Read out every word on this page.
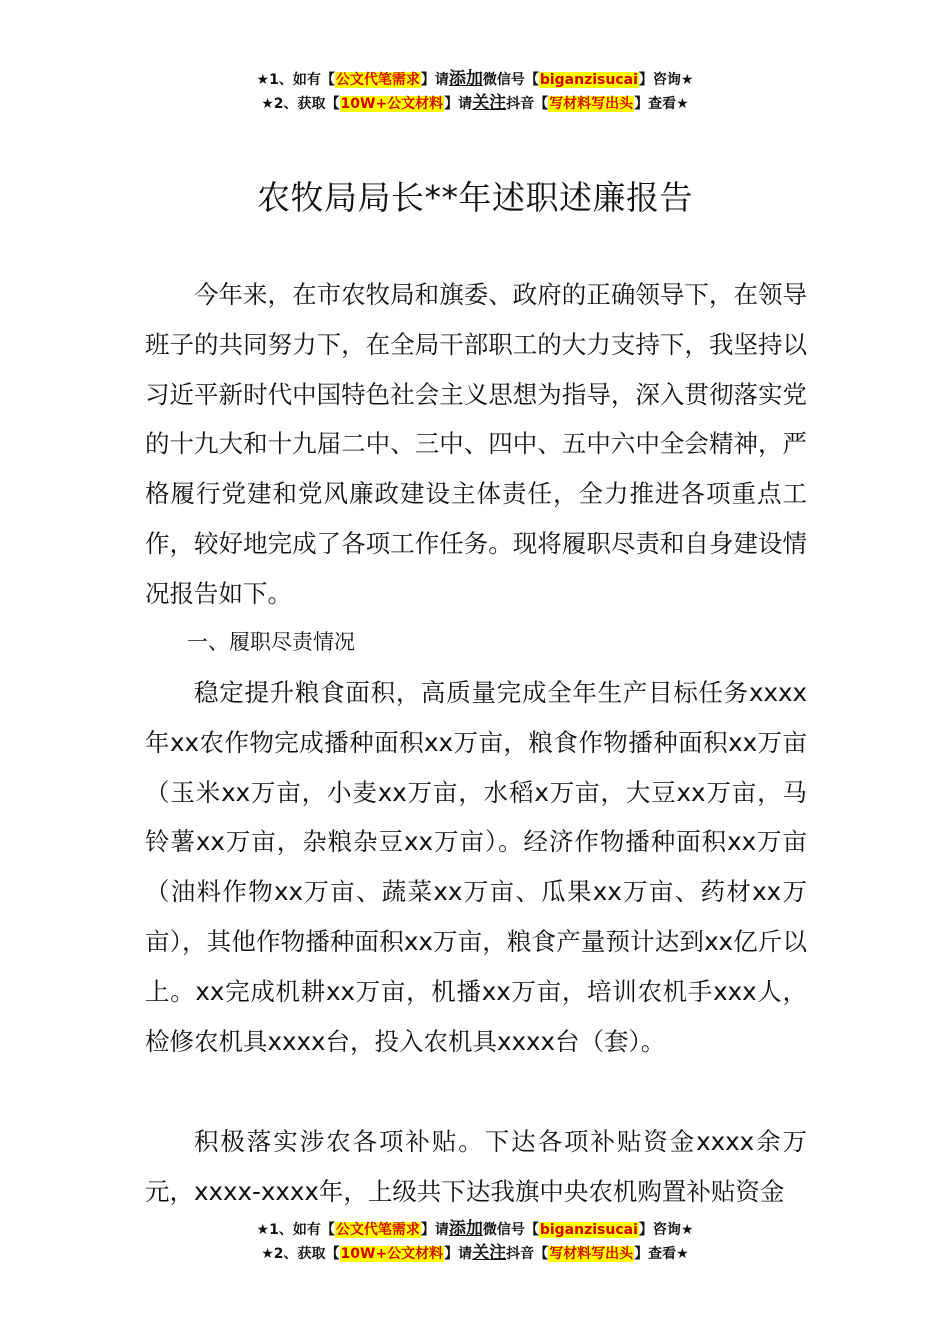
★1、如有【公文代笔需求】请添加微信号【biganzisucai】咨询★
★2、获取【10W+公文材料】请关注抖音【写材料写出头】查看★
农牧局局长**年述职述廉报告

今年来，在市农牧局和旗委、政府的正确领导下，在领导班子的共同努力下，在全局干部职工的大力支持下，我坚持以习近平新时代中国特色社会主义思想为指导，深入贯彻落实党的十九大和十九届二中、三中、四中、五中六中全会精神，严格履行党建和党风廉政建设主体责任，全力推进各项重点工作，较好地完成了各项工作任务。现将履职尽责和自身建设情况报告如下。

一、履职尽责情况

稳定提升粮食面积，高质量完成全年生产目标任务xxxx年xx农作物完成播种面积xx万亩，粮食作物播种面积xx万亩（玉米xx万亩，小麦xx万亩，水稻x万亩，大豆xx万亩，马铃薯xx万亩，杂粮杂豆xx万亩）。经济作物播种面积xx万亩（油料作物xx万亩、蔬菜xx万亩、瓜果xx万亩、药材xx万亩），其他作物播种面积xx万亩，粮食产量预计达到xx亿斤以上。xx完成机耕xx万亩，机播xx万亩，培训农机手xxx人，检修农机具xxxx台，投入农机具xxxx台（套）。

积极落实涉农各项补贴。下达各项补贴资金xxxx余万元，xxxx-xxxx年，上级共下达我旗中央农机购置补贴资金

★1、如有【公文代笔需求】请添加微信号【biganzisucai】咨询★
★2、获取【10W+公文材料】请关注抖音【写材料写出头】查看★
